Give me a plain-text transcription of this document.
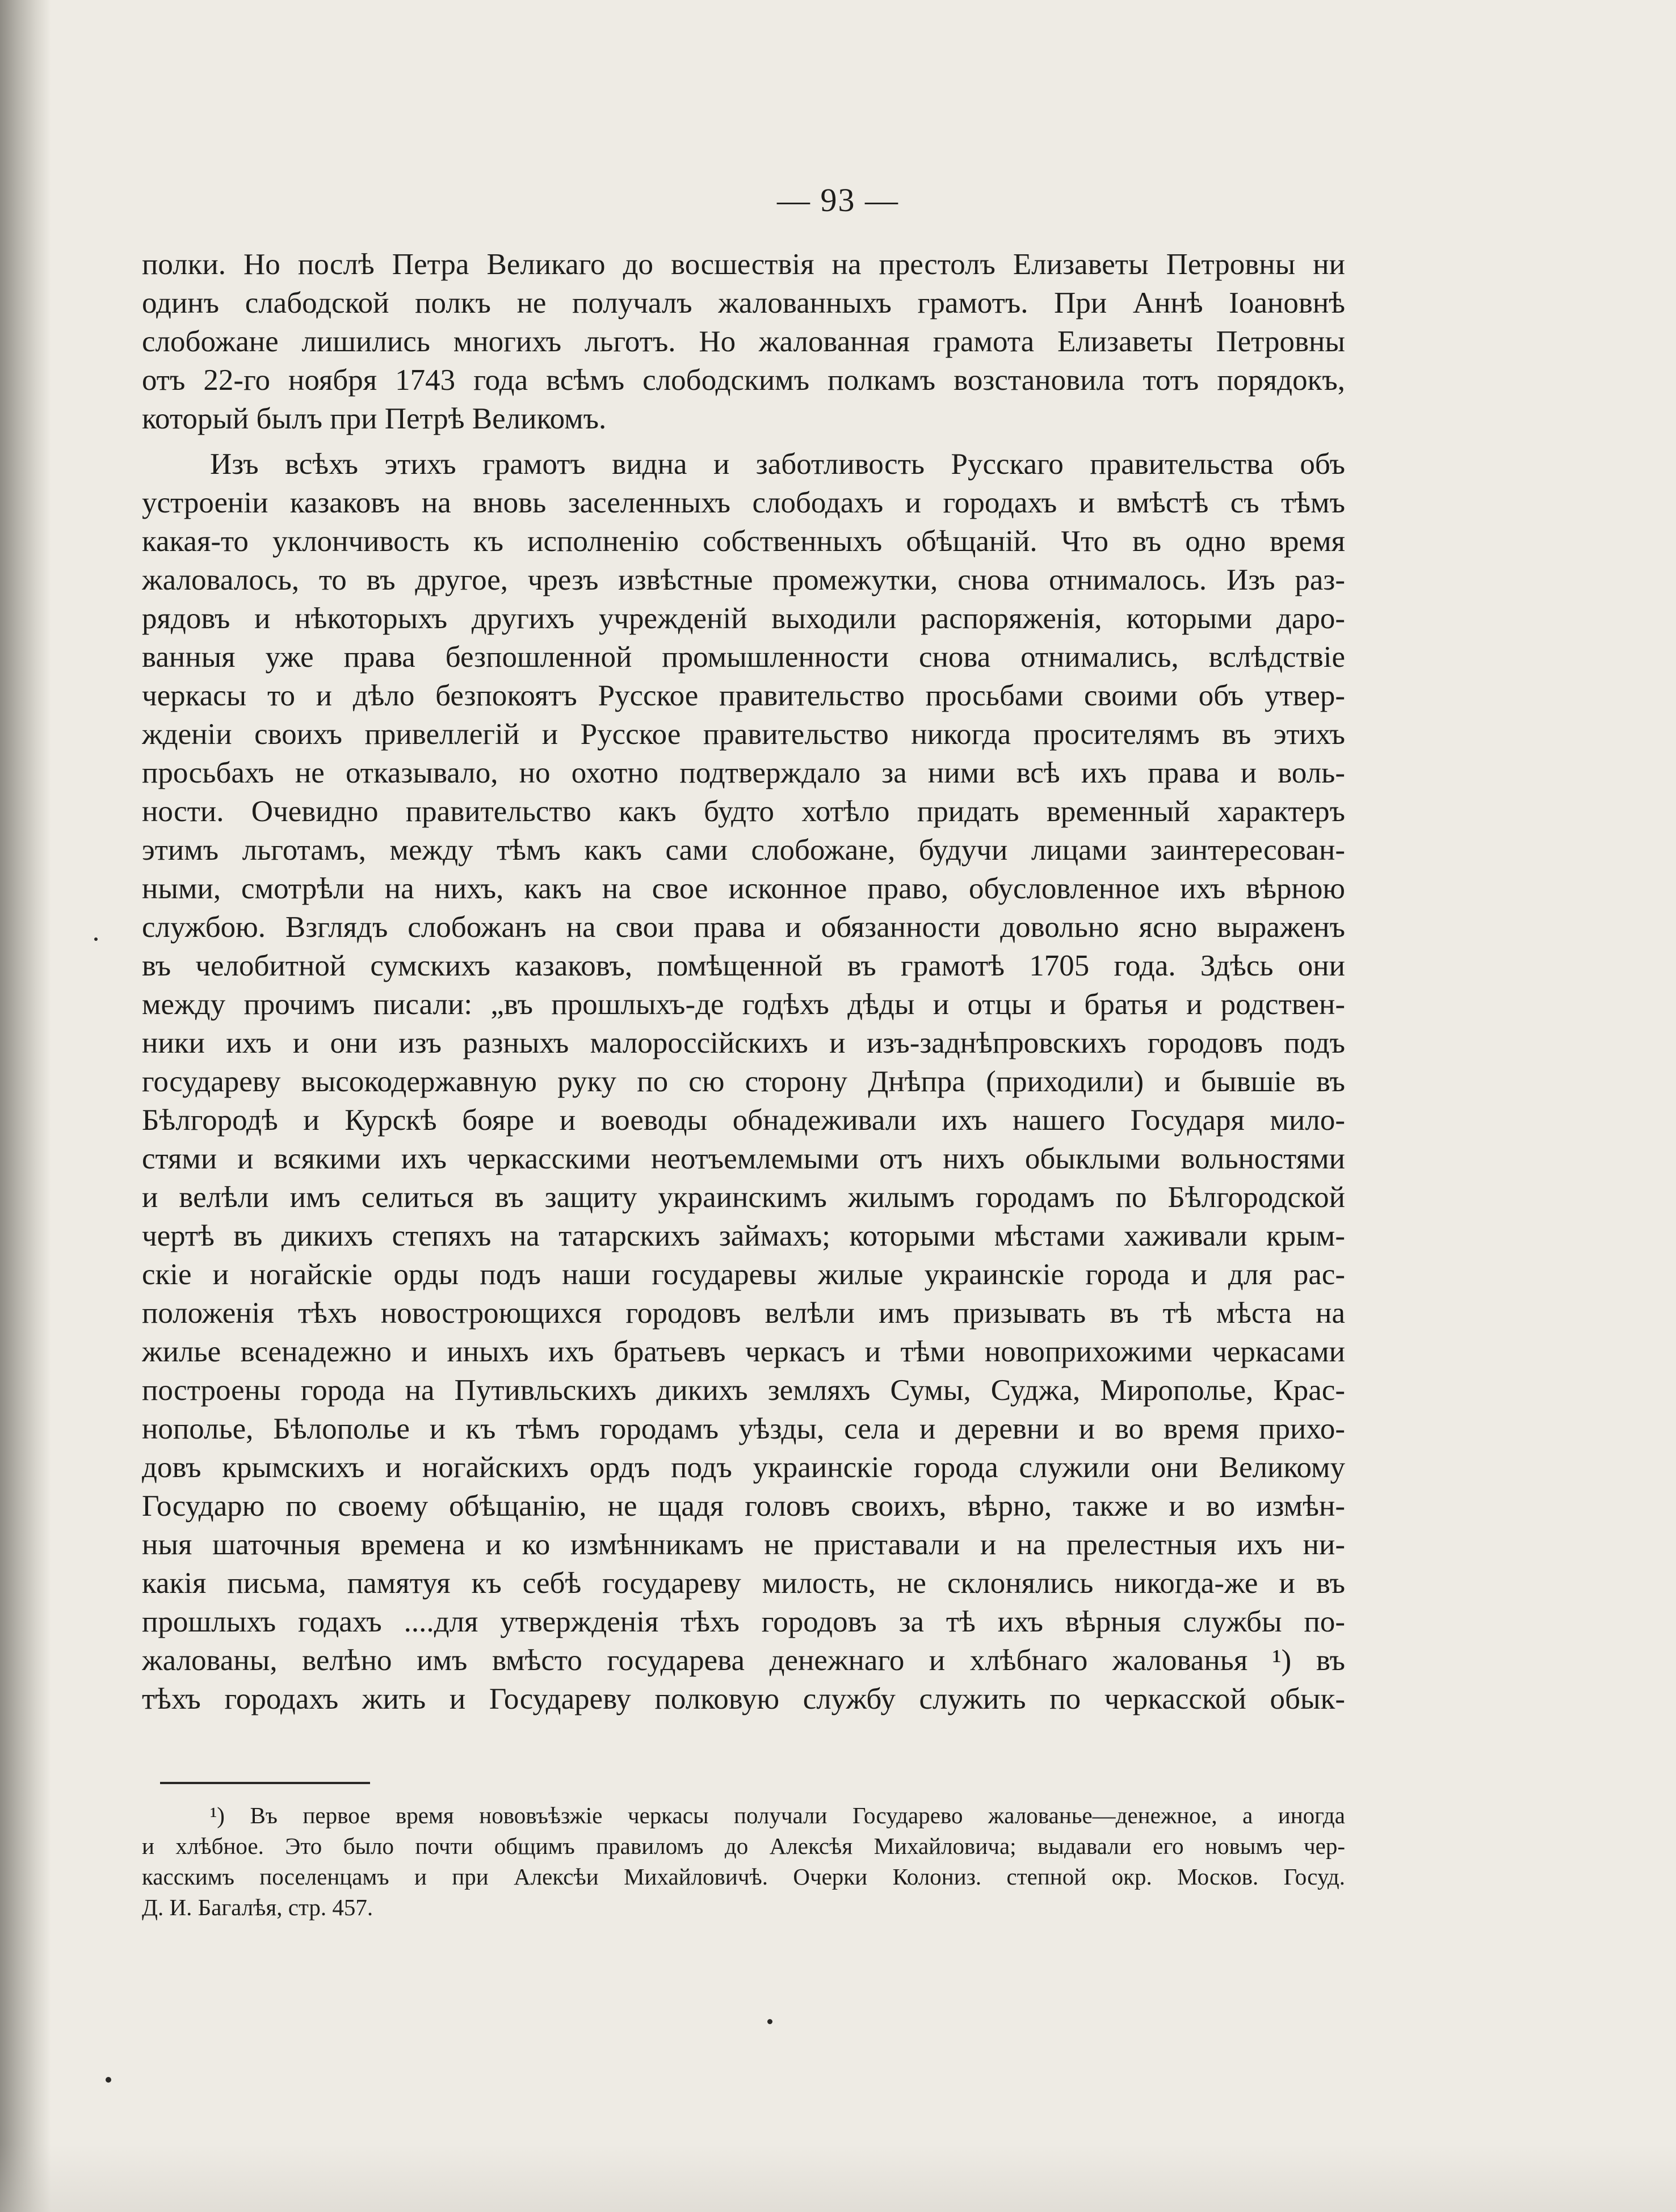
— 93 —
полки. Но послѣ Петра Великаго до восшествія на престолъ Елизаветы Петровны ни
одинъ слабодской полкъ не получалъ жалованныхъ грамотъ. При Аннѣ Іоановнѣ
слобожане лишились многихъ льготъ. Но жалованная грамота Елизаветы Петровны
отъ 22-го ноября 1743 года всѣмъ слободскимъ полкамъ возстановила тотъ порядокъ,
который былъ при Петрѣ Великомъ.
Изъ всѣхъ этихъ грамотъ видна и заботливость Русскаго правительства объ
устроеніи казаковъ на вновь заселенныхъ слободахъ и городахъ и вмѣстѣ съ тѣмъ
какая-то уклончивость къ исполненію собственныхъ обѣщаній. Что въ одно время
жаловалось, то въ другое, чрезъ извѣстные промежутки, снова отнималось. Изъ раз-
рядовъ и нѣкоторыхъ другихъ учрежденій выходили распоряженія, которыми даро-
ванныя уже права безпошленной промышленности снова отнимались, вслѣдствіе
черкасы то и дѣло безпокоятъ Русское правительство просьбами своими объ утвер-
жденіи своихъ привеллегій и Русское правительство никогда просителямъ въ этихъ
просьбахъ не отказывало, но охотно подтверждало за ними всѣ ихъ права и воль-
ности. Очевидно правительство какъ будто хотѣло придать временный характеръ
этимъ льготамъ, между тѣмъ какъ сами слобожане, будучи лицами заинтересован-
ными, смотрѣли на нихъ, какъ на свое исконное право, обусловленное ихъ вѣрною
службою. Взглядъ слобожанъ на свои права и обязанности довольно ясно выраженъ
въ челобитной сумскихъ казаковъ, помѣщенной въ грамотѣ 1705 года. Здѣсь они
между прочимъ писали: „въ прошлыхъ-де годѣхъ дѣды и отцы и братья и родствен-
ники ихъ и они изъ разныхъ малороссійскихъ и изъ-заднѣпровскихъ городовъ подъ
государеву высокодержавную руку по сю сторону Днѣпра (приходили) и бывшіе въ
Бѣлгородѣ и Курскѣ бояре и воеводы обнадеживали ихъ нашего Государя мило-
стями и всякими ихъ черкасскими неотъемлемыми отъ нихъ обыклыми вольностями
и велѣли имъ селиться въ защиту украинскимъ жилымъ городамъ по Бѣлгородской
чертѣ въ дикихъ степяхъ на татарскихъ займахъ; которыми мѣстами хаживали крым-
скіе и ногайскіе орды подъ наши государевы жилые украинскіе города и для рас-
положенія тѣхъ новостроющихся городовъ велѣли имъ призывать въ тѣ мѣста на
жилье всенадежно и иныхъ ихъ братьевъ черкасъ и тѣми новоприхожими черкасами
построены города на Путивльскихъ дикихъ земляхъ Сумы, Суджа, Мирополье, Крас-
нополье, Бѣлополье и къ тѣмъ городамъ уѣзды, села и деревни и во время прихо-
довъ крымскихъ и ногайскихъ ордъ подъ украинскіе города служили они Великому
Государю по своему обѣщанію, не щадя головъ своихъ, вѣрно, также и во измѣн-
ныя шаточныя времена и ко измѣнникамъ не приставали и на прелестныя ихъ ни-
какія письма, памятуя къ себѣ государеву милость, не склонялись никогда-же и въ
прошлыхъ годахъ ....для утвержденія тѣхъ городовъ за тѣ ихъ вѣрныя службы по-
жалованы, велѣно имъ вмѣсто государева денежнаго и хлѣбнаго жалованья ¹) въ
тѣхъ городахъ жить и Государеву полковую службу служить по черкасской обык-
¹) Въ первое время нововъѣзжіе черкасы получали Государево жалованье—денежное, а иногда
и хлѣбное. Это было почти общимъ правиломъ до Алексѣя Михайловича; выдавали его новымъ чер-
касскимъ поселенцамъ и при Алексѣи Михайловичѣ. Очерки Колониз. степной окр. Москов. Госуд.
Д. И. Багалѣя, стр. 457.
